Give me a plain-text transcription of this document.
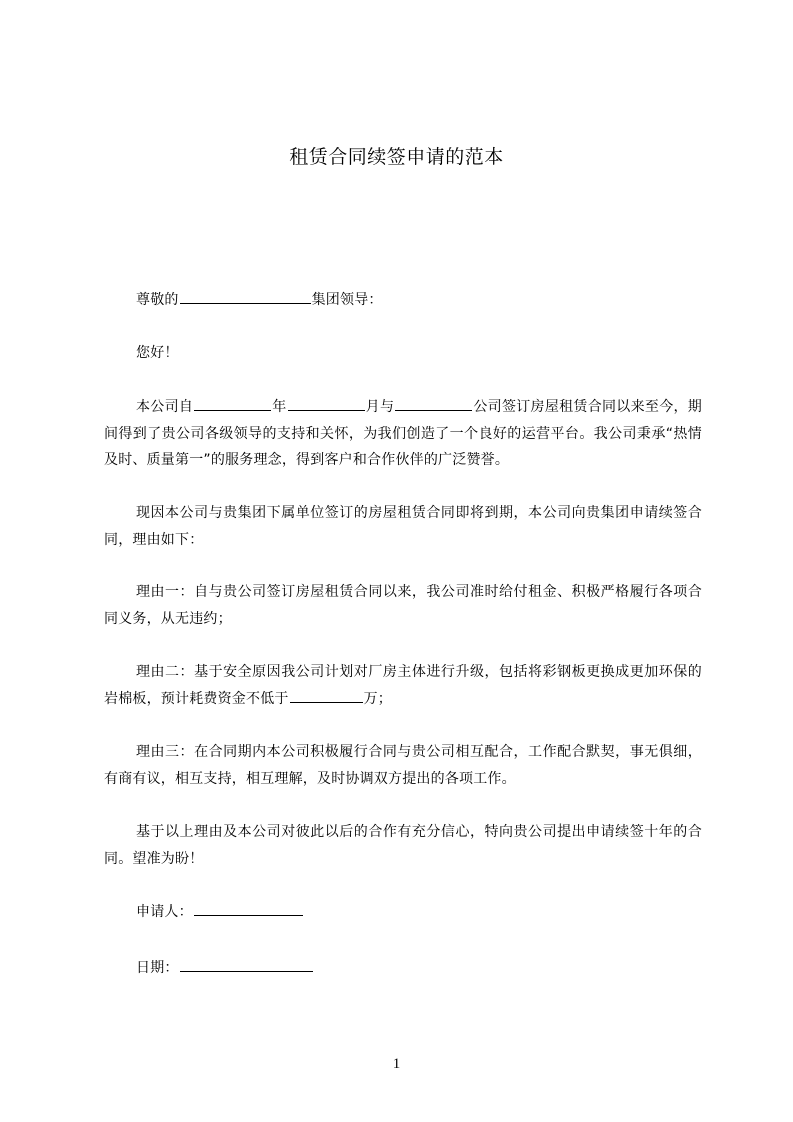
租赁合同续签申请的范本
尊敬的	集团领导：
您好！
本公司自	年	月与	公司签订房屋租赁合同以来至今，期间得到了贵公司各级领导的支持和关怀，为我们创造了一个良好的运营平台。我公司秉承“热情及时、质量第一”的服务理念，得到客户和合作伙伴的广泛赞誉。
现因本公司与贵集团下属单位签订的房屋租赁合同即将到期，本公司向贵集团申请续签合同，理由如下：
理由一：自与贵公司签订房屋租赁合同以来，我公司准时给付租金、积极严格履行各项合同义务，从无违约；
理由二：基于安全原因我公司计划对厂房主体进行升级，包括将彩钢板更换成更加环保的岩棉板，预计耗费资金不低于	万；
理由三：在合同期内本公司积极履行合同与贵公司相互配合，工作配合默契，事无俱细，有商有议，相互支持，相互理解，及时协调双方提出的各项工作。
基于以上理由及本公司对彼此以后的合作有充分信心，特向贵公司提出申请续签十年的合同。望准为盼！
申请人：
日期：
1
